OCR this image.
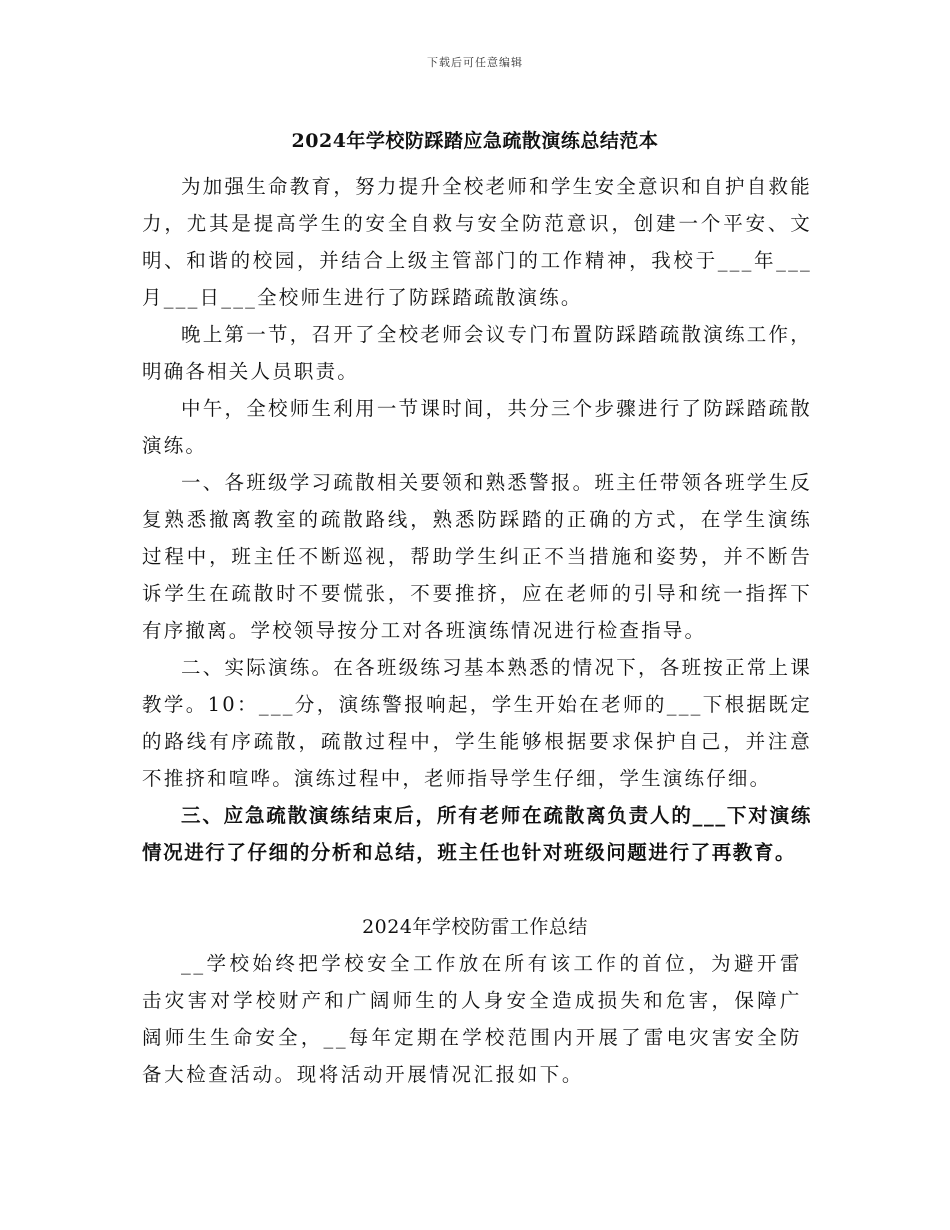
下载后可任意编辑
2024年学校防踩踏应急疏散演练总结范本

为加强生命教育，努力提升全校老师和学生安全意识和自护自救能力，尤其是提高学生的安全自救与安全防范意识，创建一个平安、文明、和谐的校园，并结合上级主管部门的工作精神，我校于___年___月___日___全校师生进行了防踩踏疏散演练。

晚上第一节，召开了全校老师会议专门布置防踩踏疏散演练工作，明确各相关人员职责。

中午，全校师生利用一节课时间，共分三个步骤进行了防踩踏疏散演练。

一、各班级学习疏散相关要领和熟悉警报。班主任带领各班学生反复熟悉撤离教室的疏散路线，熟悉防踩踏的正确的方式，在学生演练过程中，班主任不断巡视，帮助学生纠正不当措施和姿势，并不断告诉学生在疏散时不要慌张，不要推挤，应在老师的引导和统一指挥下有序撤离。学校领导按分工对各班演练情况进行检查指导。

二、实际演练。在各班级练习基本熟悉的情况下，各班按正常上课教学。10：___分，演练警报响起，学生开始在老师的___下根据既定的路线有序疏散，疏散过程中，学生能够根据要求保护自己，并注意不推挤和喧哗。演练过程中，老师指导学生仔细，学生演练仔细。

三、应急疏散演练结束后，所有老师在疏散离负责人的___下对演练情况进行了仔细的分析和总结，班主任也针对班级问题进行了再教育。

2024年学校防雷工作总结

__学校始终把学校安全工作放在所有该工作的首位，为避开雷击灾害对学校财产和广阔师生的人身安全造成损失和危害，保障广阔师生生命安全，__每年定期在学校范围内开展了雷电灾害安全防备大检查活动。现将活动开展情况汇报如下。
